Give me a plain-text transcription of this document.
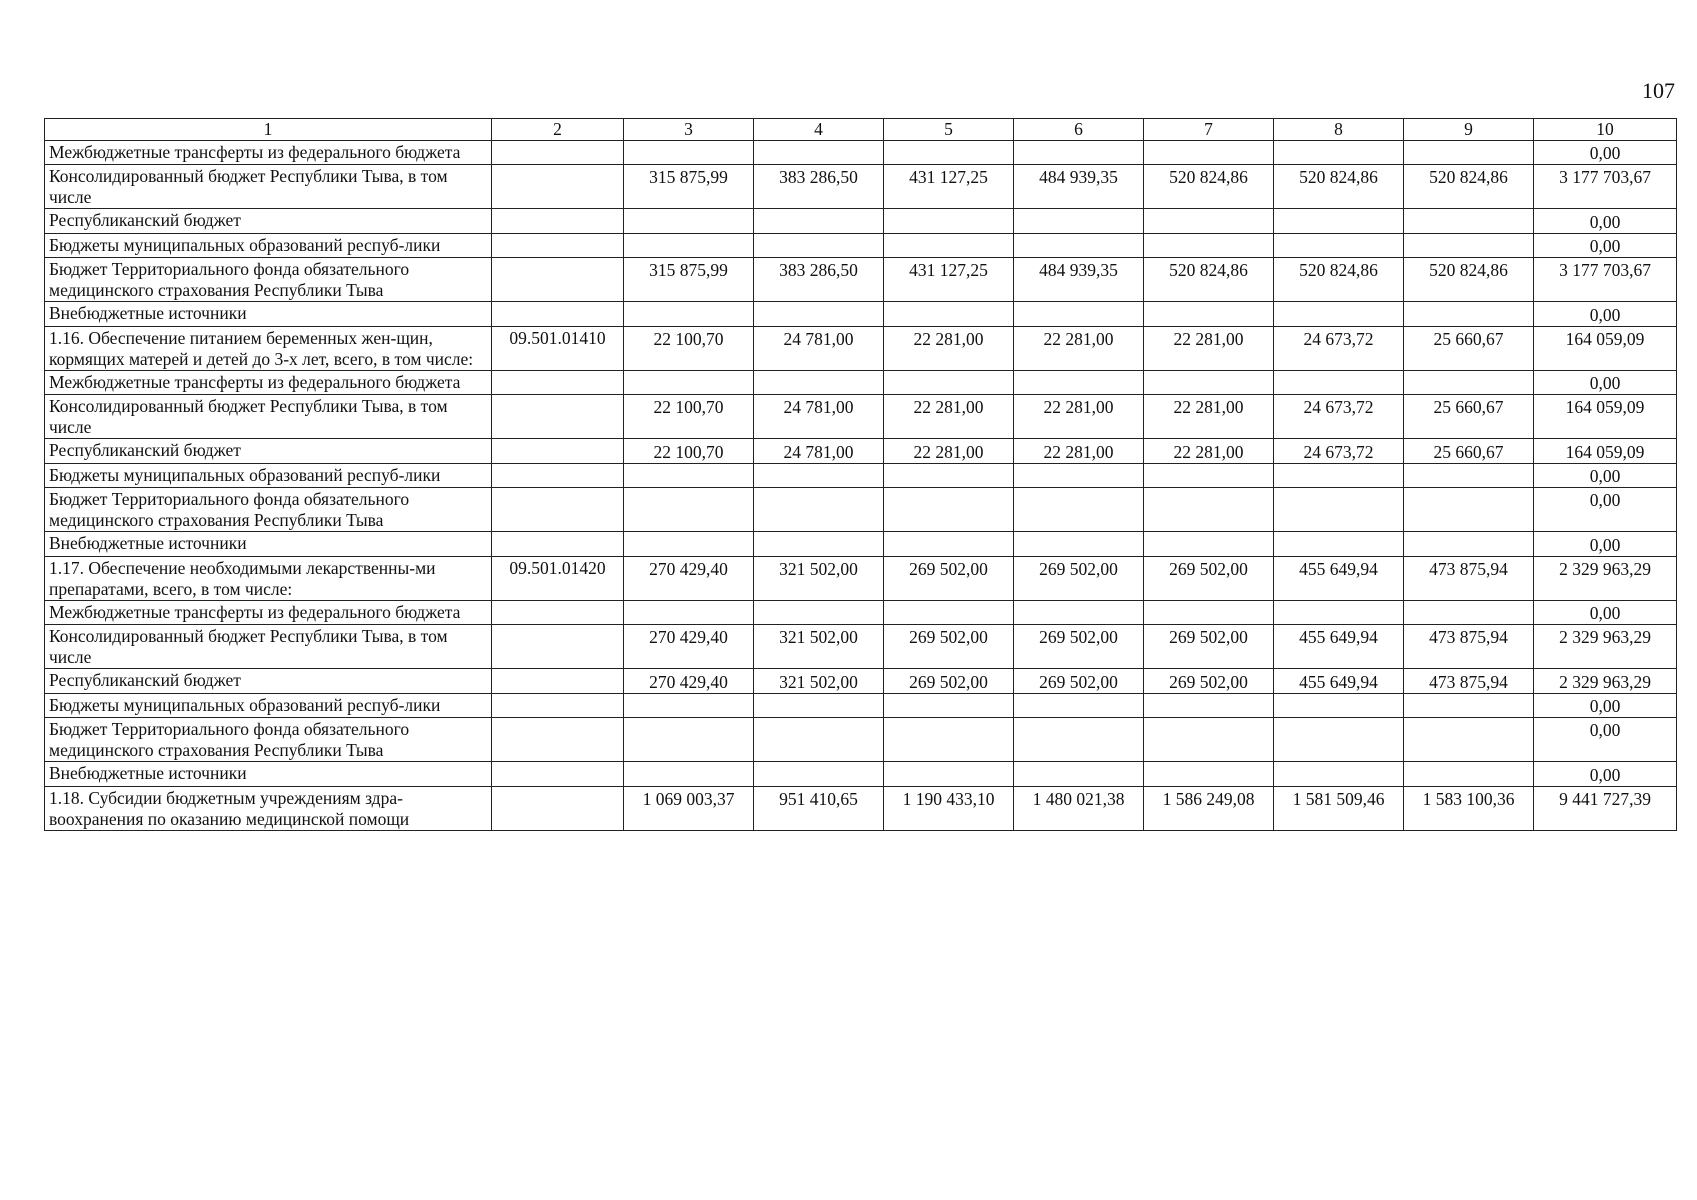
107
1	2	3	4	5	6	7	8	9	10
Межбюджетные трансферты из федерального бюджета									0,00
Консолидированный бюджет Республики Тыва, в том числе		315 875,99	383 286,50	431 127,25	484 939,35	520 824,86	520 824,86	520 824,86	3 177 703,67
Республиканский бюджет									0,00
Бюджеты муниципальных образований респуб-лики									0,00
Бюджет Территориального фонда обязательного медицинского страхования Республики Тыва		315 875,99	383 286,50	431 127,25	484 939,35	520 824,86	520 824,86	520 824,86	3 177 703,67
Внебюджетные источники									0,00
1.16. Обеспечение питанием беременных жен-щин, кормящих матерей и детей до 3-х лет, всего, в том числе:	09.501.01410	22 100,70	24 781,00	22 281,00	22 281,00	22 281,00	24 673,72	25 660,67	164 059,09
Межбюджетные трансферты из федерального бюджета									0,00
Консолидированный бюджет Республики Тыва, в том числе		22 100,70	24 781,00	22 281,00	22 281,00	22 281,00	24 673,72	25 660,67	164 059,09
Республиканский бюджет		22 100,70	24 781,00	22 281,00	22 281,00	22 281,00	24 673,72	25 660,67	164 059,09
Бюджеты муниципальных образований респуб-лики									0,00
Бюджет Территориального фонда обязательного медицинского страхования Республики Тыва									0,00
Внебюджетные источники									0,00
1.17. Обеспечение необходимыми лекарственны-ми препаратами, всего, в том числе:	09.501.01420	270 429,40	321 502,00	269 502,00	269 502,00	269 502,00	455 649,94	473 875,94	2 329 963,29
Межбюджетные трансферты из федерального бюджета									0,00
Консолидированный бюджет Республики Тыва, в том числе		270 429,40	321 502,00	269 502,00	269 502,00	269 502,00	455 649,94	473 875,94	2 329 963,29
Республиканский бюджет		270 429,40	321 502,00	269 502,00	269 502,00	269 502,00	455 649,94	473 875,94	2 329 963,29
Бюджеты муниципальных образований респуб-лики									0,00
Бюджет Территориального фонда обязательного медицинского страхования Республики Тыва									0,00
Внебюджетные источники									0,00
1.18. Субсидии бюджетным учреждениям здра-воохранения по оказанию медицинской помощи		1 069 003,37	951 410,65	1 190 433,10	1 480 021,38	1 586 249,08	1 581 509,46	1 583 100,36	9 441 727,39
